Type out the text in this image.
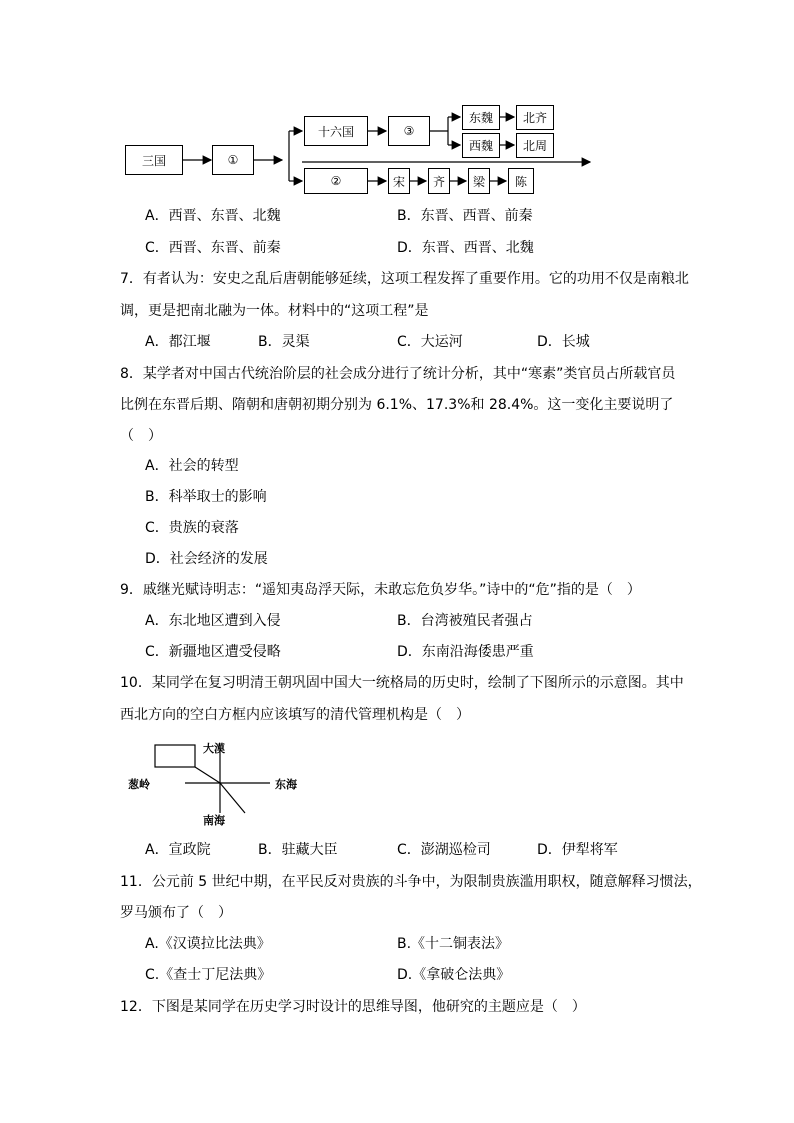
三国	①
十六国	③
东魏	北齐
西魏	北周
②	宋	齐	梁	陈
A．西晋、东晋、北魏	B．东晋、西晋、前秦
C．西晋、东晋、前秦	D．东晋、西晋、北魏
7．有者认为：安史之乱后唐朝能够延续，这项工程发挥了重要作用。它的功用不仅是南粮北
调，更是把南北融为一体。材料中的“这项工程”是
A．都江堰	B．灵渠	C．大运河	D．长城
8．某学者对中国古代统治阶层的社会成分进行了统计分析，其中“寒素”类官员占所载官员
比例在东晋后期、隋朝和唐朝初期分别为 6.1%、17.3%和 28.4%。这一变化主要说明了
（　）
A．社会的转型
B．科举取士的影响
C．贵族的衰落
D．社会经济的发展
9．戚继光赋诗明志：“遥知夷岛浮天际，未敢忘危负岁华。”诗中的“危”指的是（　）
A．东北地区遭到入侵	B．台湾被殖民者强占
C．新疆地区遭受侵略	D．东南沿海倭患严重
10．某同学在复习明清王朝巩固中国大一统格局的历史时，绘制了下图所示的示意图。其中
西北方向的空白方框内应该填写的清代管理机构是（　）
大漠
葱岭	东海
南海
A．宣政院	B．驻藏大臣	C．澎湖巡检司	D．伊犁将军
11．公元前 5 世纪中期，在平民反对贵族的斗争中，为限制贵族滥用职权，随意解释习惯法，
罗马颁布了（　）
A.《汉谟拉比法典》	B.《十二铜表法》
C.《查士丁尼法典》	D.《拿破仑法典》
12．下图是某同学在历史学习时设计的思维导图，他研究的主题应是（　）
